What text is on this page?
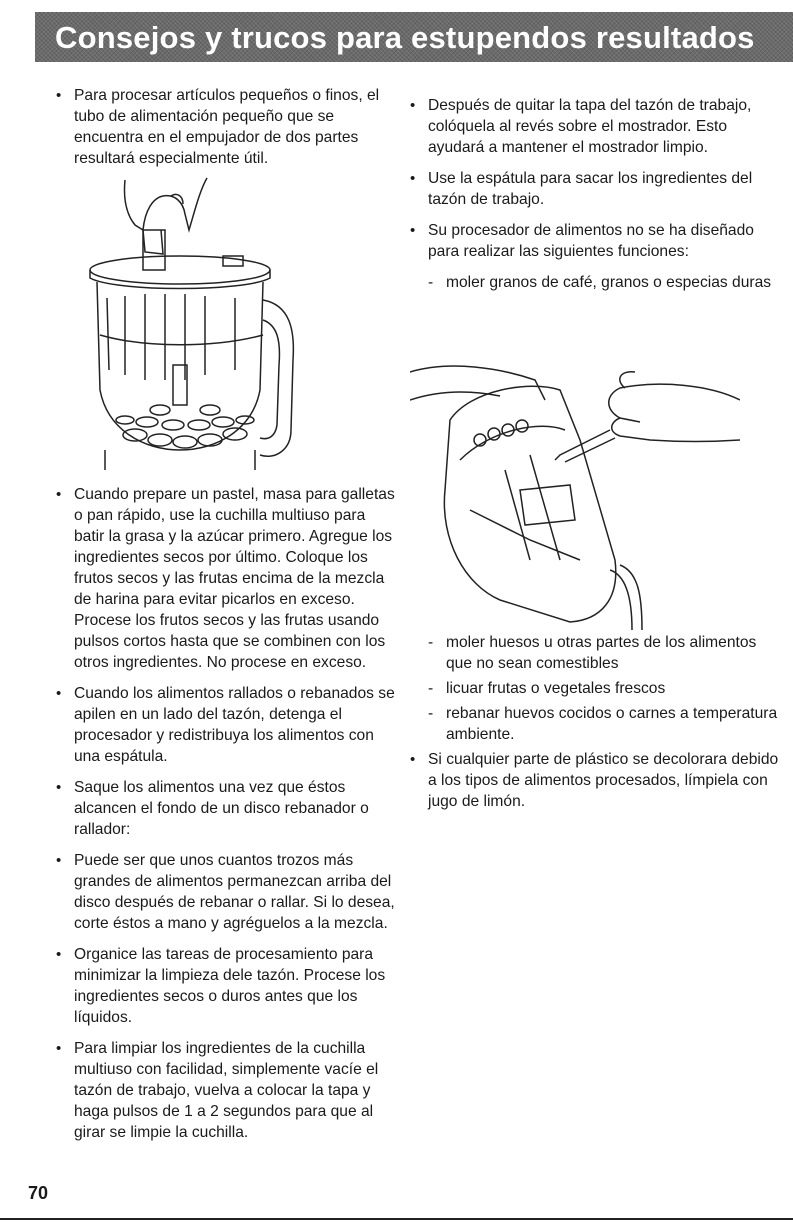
Consejos y trucos para estupendos resultados
• Para procesar artículos pequeños o finos, el tubo de alimentación pequeño que se encuentra en el empujador de dos partes resultará especialmente útil.
• Cuando prepare un pastel, masa para galletas o pan rápido, use la cuchilla multiuso para batir la grasa y la azúcar primero. Agregue los ingredientes secos por último. Coloque los frutos secos y las frutas encima de la mezcla de harina para evitar picarlos en exceso. Procese los frutos secos y las frutas usando pulsos cortos hasta que se combinen con los otros ingredientes. No procese en exceso.
• Cuando los alimentos rallados o rebanados se apilen en un lado del tazón, detenga el procesador y redistribuya los alimentos con una espátula.
• Saque los alimentos una vez que éstos alcancen el fondo de un disco rebanador o rallador:
• Puede ser que unos cuantos trozos más grandes de alimentos permanezcan arriba del disco después de rebanar o rallar. Si lo desea, corte éstos a mano y agréguelos a la mezcla.
• Organice las tareas de procesamiento para minimizar la limpieza dele tazón. Procese los ingredientes secos o duros antes que los líquidos.
• Para limpiar los ingredientes de la cuchilla multiuso con facilidad, simplemente vacíe el tazón de trabajo, vuelva a colocar la tapa y haga pulsos de 1 a 2 segundos para que al girar se limpie la cuchilla.
• Después de quitar la tapa del tazón de trabajo, colóquela al revés sobre el mostrador. Esto ayudará a mantener el mostrador limpio.
• Use la espátula para sacar los ingredientes del tazón de trabajo.
• Su procesador de alimentos no se ha diseñado para realizar las siguientes funciones:
- moler granos de café, granos o especias duras
- moler huesos u otras partes de los alimentos que no sean comestibles
- licuar frutas o vegetales frescos
- rebanar huevos cocidos o carnes a temperatura ambiente.
• Si cualquier parte de plástico se decolorara debido a los tipos de alimentos procesados, límpiela con jugo de limón.
70
